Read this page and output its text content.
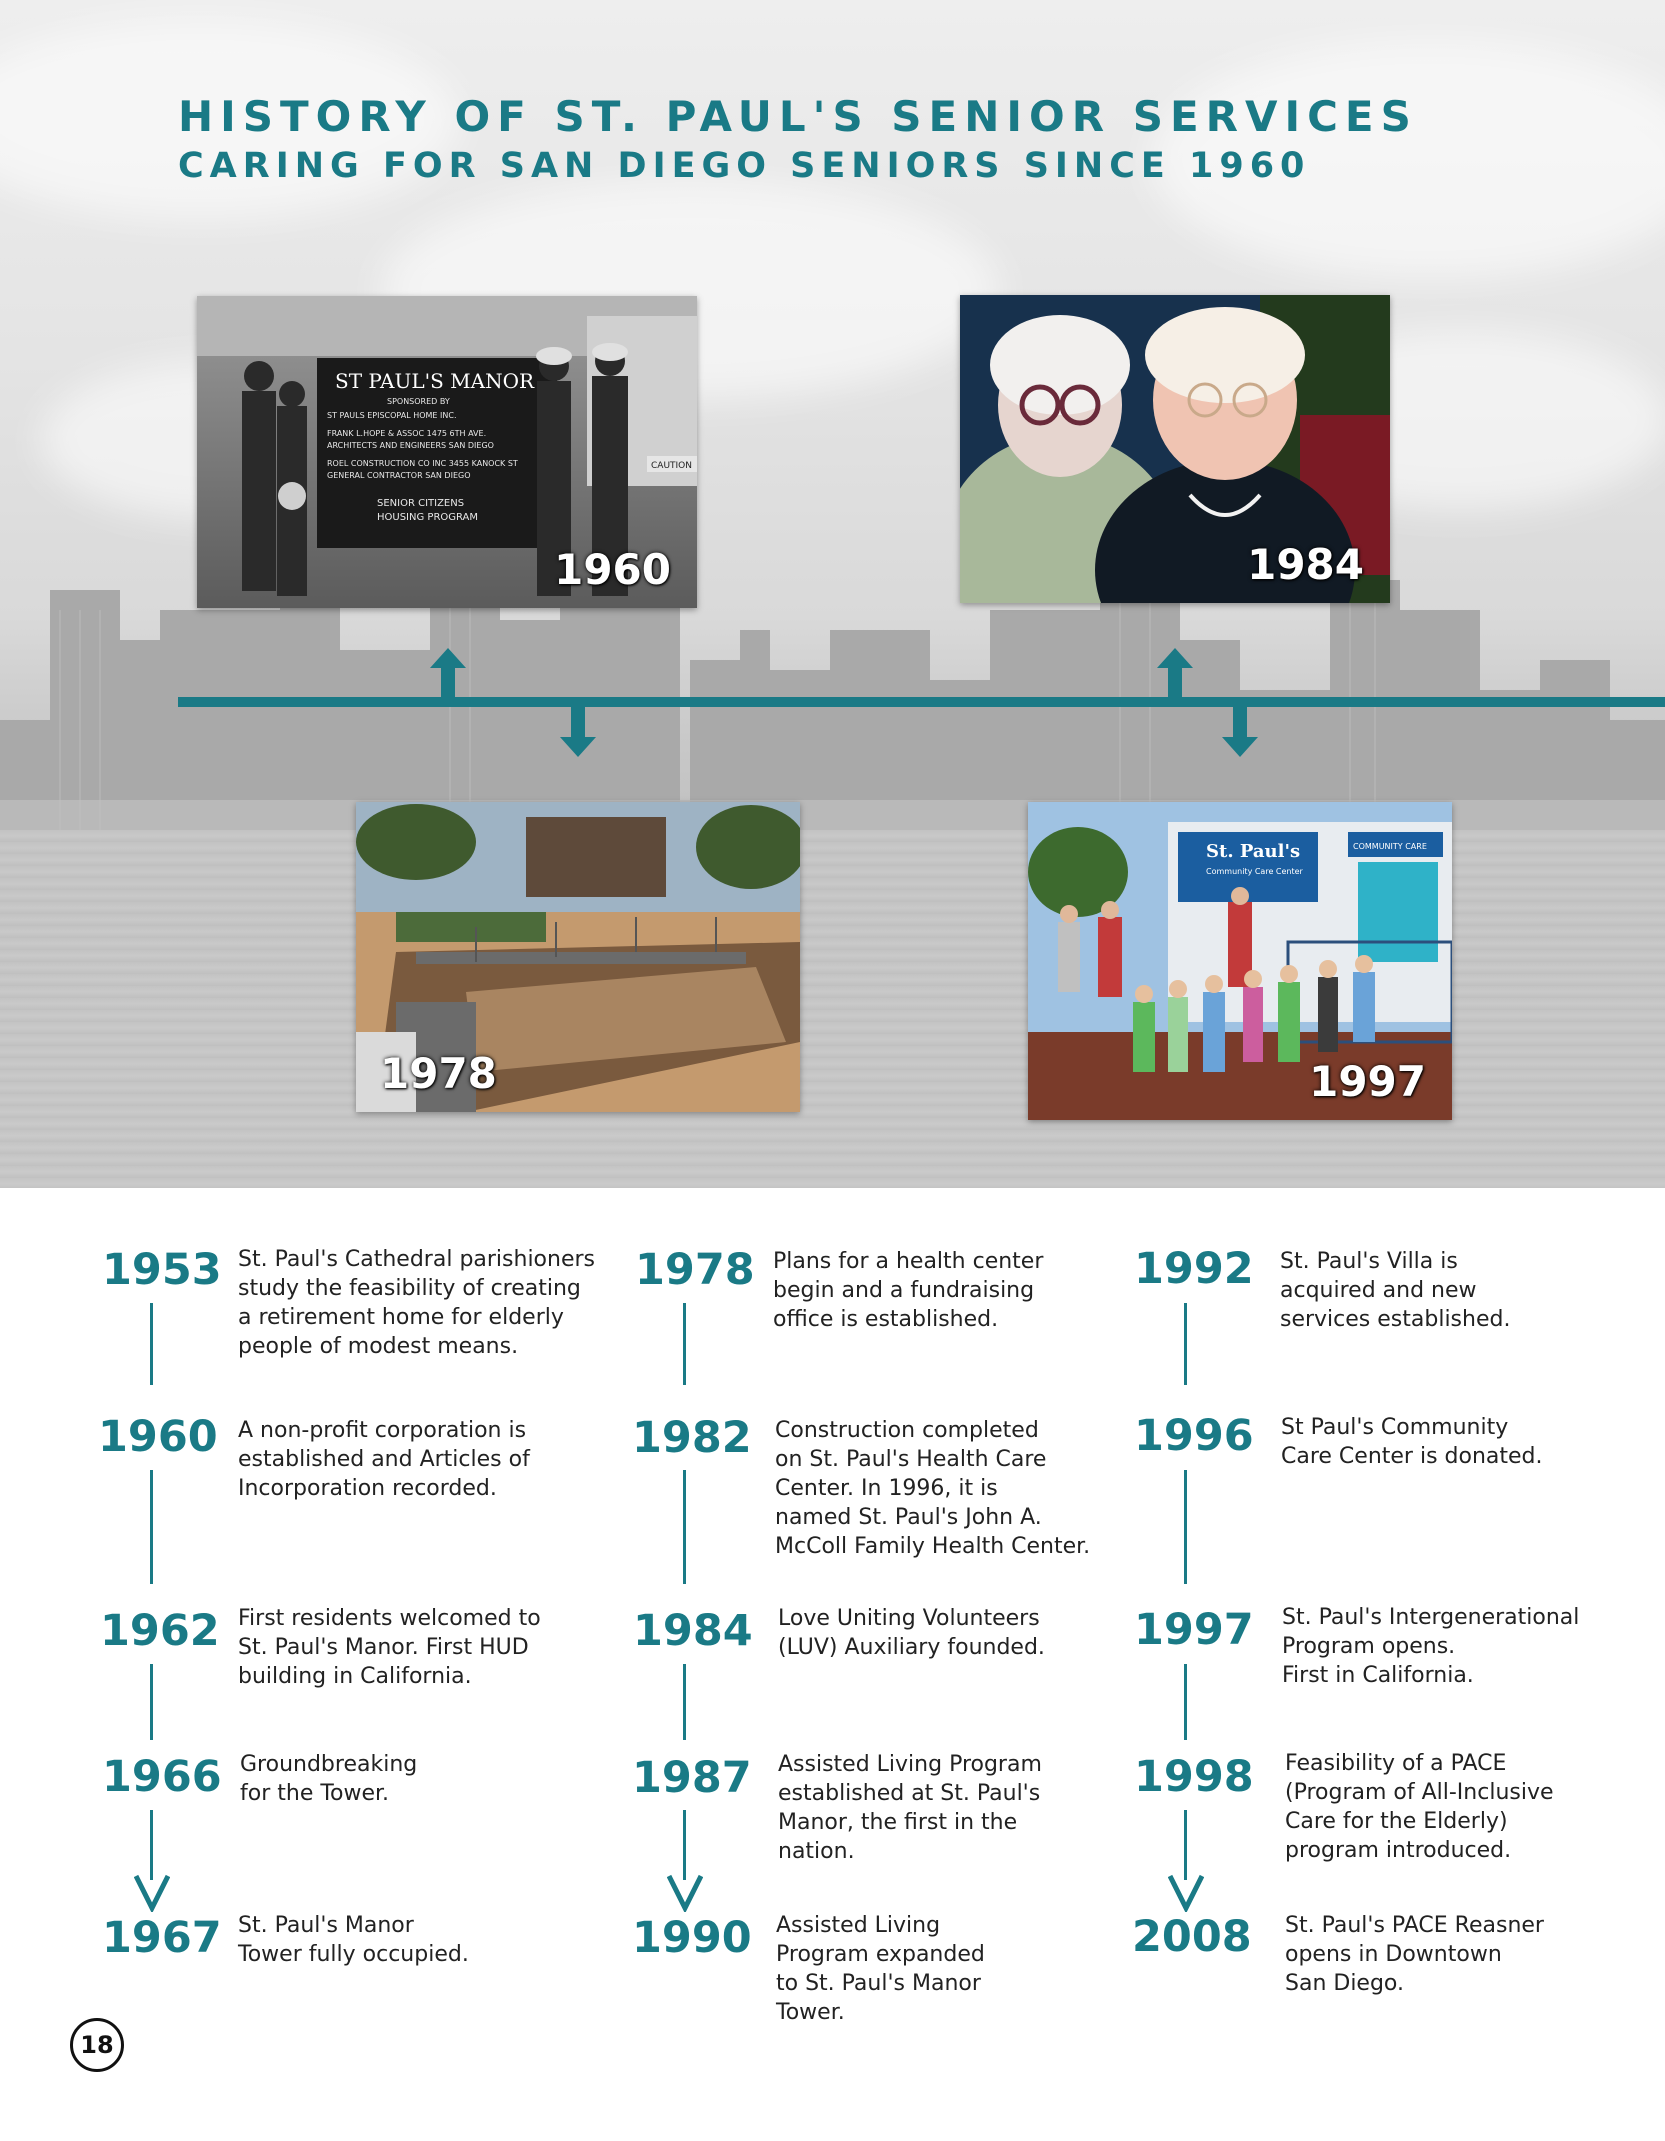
HISTORY OF ST. PAUL'S SENIOR SERVICES
CARING FOR SAN DIEGO SENIORS SINCE 1960
ST PAUL'S MANOR
SPONSORED BY
ST PAULS EPISCOPAL HOME INC.
FRANK L.HOPE & ASSOC 1475 6TH AVE.
ARCHITECTS AND ENGINEERS SAN DIEGO
ROEL CONSTRUCTION CO INC 3455 KANOCK ST
GENERAL CONTRACTOR SAN DIEGO
SENIOR CITIZENS
HOUSING PROGRAM
CAUTION
1960	1984
1978
St. Paul's
Community Care Center
COMMUNITY CARE
1997
1953 St. Paul's Cathedral parishioners
study the feasibility of creating
a retirement home for elderly
people of modest means.
1960 A non-profit corporation is
established and Articles of
Incorporation recorded.
1962 First residents welcomed to
St. Paul's Manor. First HUD
building in California.
1966 Groundbreaking
for the Tower.
1967 St. Paul's Manor
Tower fully occupied.
1978 Plans for a health center
begin and a fundraising
office is established.
1982 Construction completed
on St. Paul's Health Care
Center. In 1996, it is
named St. Paul's John A.
McColl Family Health Center.
1984 Love Uniting Volunteers
(LUV) Auxiliary founded.
1987 Assisted Living Program
established at St. Paul's
Manor, the first in the
nation.
1990 Assisted Living
Program expanded
to St. Paul's Manor
Tower.
1992 St. Paul's Villa is
acquired and new
services established.
1996 St Paul's Community
Care Center is donated.
1997 St. Paul's Intergenerational
Program opens.
First in California.
1998 Feasibility of a PACE
(Program of All-Inclusive
Care for the Elderly)
program introduced.
2008 St. Paul's PACE Reasner
opens in Downtown
San Diego.
18
